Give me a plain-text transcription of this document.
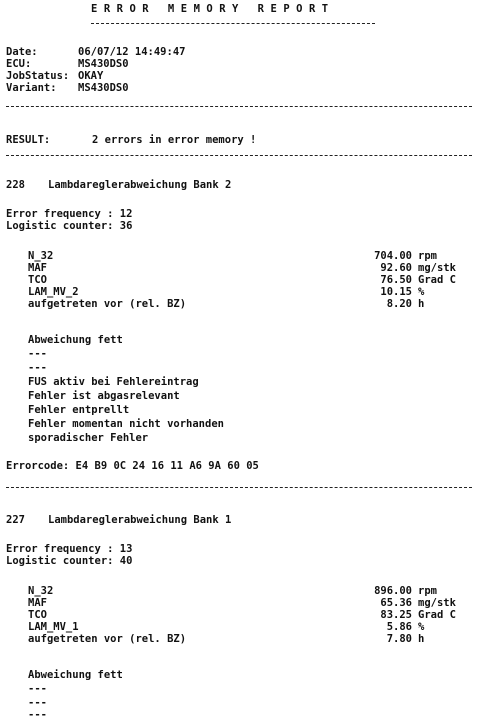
ERROR MEMORY REPORT
Date:	06/07/12 14:49:47
ECU:	MS430DS0
JobStatus: OKAY
Variant: MS430DS0
RESULT:	2 errors in error memory !
228 Lambdareglerabweichung Bank 2
Error frequency : 12
Logistic counter: 36
N_32	704.00 rpm
MAF	92.60 mg/stk
TCO	76.50 Grad C
LAM_MV_2	10.15 %
aufgetreten vor (rel. BZ)	8.20 h
Abweichung fett
---
---
FUS aktiv bei Fehlereintrag
Fehler ist abgasrelevant
Fehler entprellt
Fehler momentan nicht vorhanden
sporadischer Fehler
Errorcode: E4 B9 0C 24 16 11 A6 9A 60 05
227 Lambdareglerabweichung Bank 1
Error frequency : 13
Logistic counter: 40
N_32	896.00 rpm
MAF	65.36 mg/stk
TCO	83.25 Grad C
LAM_MV_1	5.86 %
aufgetreten vor (rel. BZ)	7.80 h
Abweichung fett
---
---
---
